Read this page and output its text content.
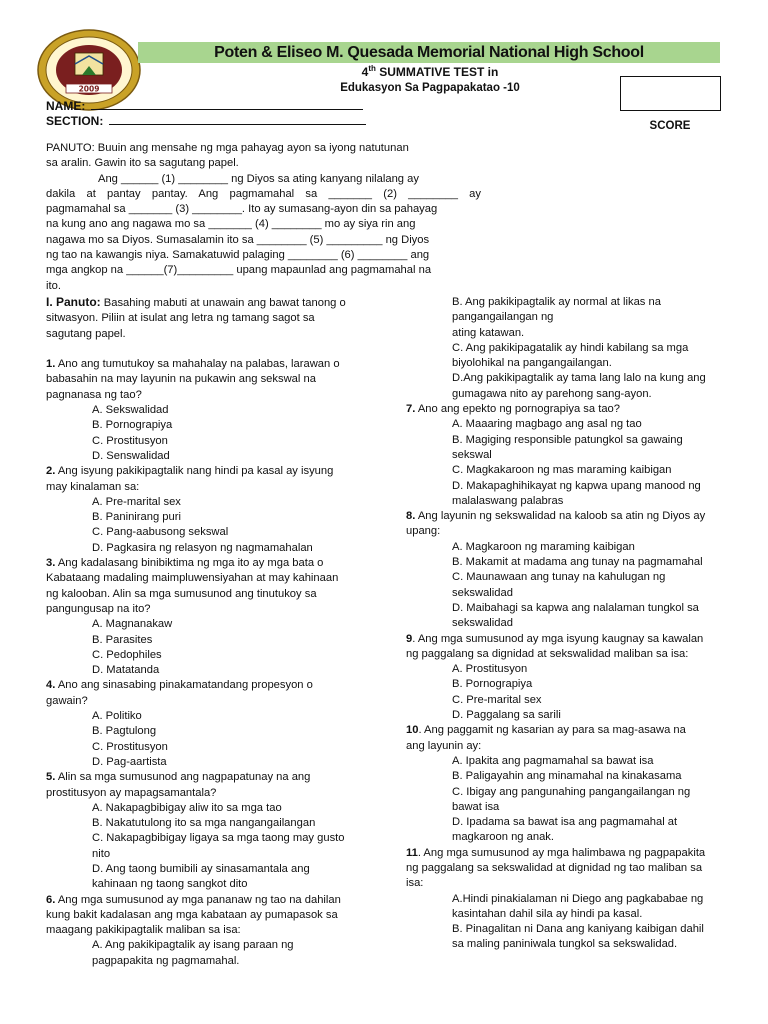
2009
Poten & Eliseo M. Quesada Memorial National High School
4th SUMMATIVE TEST in
Edukasyon Sa Pagpapakatao -10
SCORE
NAME:
SECTION:

PANUTO: Buuin ang mensahe ng mga pahayag ayon sa iyong natutunan

sa aralin. Gawin ito sa sagutang papel.

Ang ______ (1) ________ ng Diyos sa ating kanyang nilalang ay

dakila at pantay pantay. Ang pagmamahal sa _______ (2) ________ ay

pagmamahal sa _______ (3) ________. Ito ay sumasang-ayon din sa pahayag

na kung ano ang nagawa mo sa _______ (4) ________ mo ay siya rin ang

nagawa mo sa Diyos. Sumasalamin ito sa ________ (5) _________ ng Diyos

ng tao na kawangis niya. Samakatuwid palaging ________ (6) ________ ang

mga angkop na ______(7)_________ upang mapaunlad ang pagmamahal na

ito.

I. Panuto: Basahing mabuti at unawain ang bawat tanong o

sitwasyon. Piliin at isulat ang letra ng tamang sagot sa

sagutang papel.

1. Ano ang tumutukoy sa mahahalay na palabas, larawan o

babasahin na may layunin na pukawin ang sekswal na

pagnanasa ng tao?

A. Sekswalidad

B. Pornograpiya

C. Prostitusyon

D. Senswalidad

2. Ang isyung pakikipagtalik nang hindi pa kasal ay isyung

may kinalaman sa:

A. Pre-marital sex

B. Paninirang puri

C. Pang-aabusong sekswal

D. Pagkasira ng relasyon ng nagmamahalan

3. Ang kadalasang binibiktima ng mga ito ay mga bata o

Kabataang madaling maimpluwensiyahan at may kahinaan

ng kalooban. Alin sa mga sumusunod ang tinutukoy sa

pangungusap na ito?

A. Magnanakaw

B. Parasites

C. Pedophiles

D. Matatanda

4. Ano ang sinasabing pinakamatandang propesyon o

gawain?

A. Politiko

B. Pagtulong

C. Prostitusyon

D. Pag-aartista

5. Alin sa mga sumusunod ang nagpapatunay na ang

prostitusyon ay mapagsamantala?

A. Nakapagbibigay aliw ito sa mga tao

B. Nakatutulong ito sa mga nangangailangan

C. Nakapagbibigay ligaya sa mga taong may gusto

nito

D. Ang taong bumibili ay sinasamantala ang

kahinaan ng taong sangkot dito

6. Ang mga sumusunod ay mga pananaw ng tao na dahilan

kung bakit kadalasan ang mga kabataan ay pumapasok sa

maagang pakikipagtalik maliban sa isa:

A. Ang pakikipagtalik ay isang paraan ng

pagpapakita ng pagmamahal.

B. Ang pakikipagtalik ay normal at likas na

pangangailangan ng

ating katawan.

C. Ang pakikipagatalik ay hindi kabilang sa mga

biyolohikal na pangangailangan.

D.Ang pakikipagtalik ay tama lang lalo na kung ang

gumagawa nito ay parehong sang-ayon.

7. Ano ang epekto ng pornograpiya sa tao?

A. Maaaring magbago ang asal ng tao

B. Magiging responsible patungkol sa gawaing

sekswal

C. Magkakaroon ng mas maraming kaibigan

D. Makapaghihikayat ng kapwa upang manood ng

malalaswang palabras

8. Ang layunin ng sekswalidad na kaloob sa atin ng Diyos ay

upang:

A. Magkaroon ng maraming kaibigan

B. Makamit at madama ang tunay na pagmamahal

C. Maunawaan ang tunay na kahulugan ng

sekswalidad

D. Maibahagi sa kapwa ang nalalaman tungkol sa

sekswalidad

9. Ang mga sumusunod ay mga isyung kaugnay sa kawalan

ng paggalang sa dignidad at sekswalidad maliban sa isa:

A. Prostitusyon

B. Pornograpiya

C. Pre-marital sex

D. Paggalang sa sarili

10. Ang paggamit ng kasarian ay para sa mag-asawa na

ang layunin ay:

A. Ipakita ang pagmamahal sa bawat isa

B. Paligayahin ang minamahal na kinakasama

C. Ibigay ang pangunahing pangangailangan ng

bawat isa

D. Ipadama sa bawat isa ang pagmamahal at

magkaroon ng anak.

11. Ang mga sumusunod ay mga halimbawa ng pagpapakita

ng paggalang sa sekswalidad at dignidad ng tao maliban sa

isa:

A.Hindi pinakialaman ni Diego ang pagkababae ng

kasintahan dahil sila ay hindi pa kasal.

B. Pinagalitan ni Dana ang kaniyang kaibigan dahil

sa maling paniniwala tungkol sa sekswalidad.
